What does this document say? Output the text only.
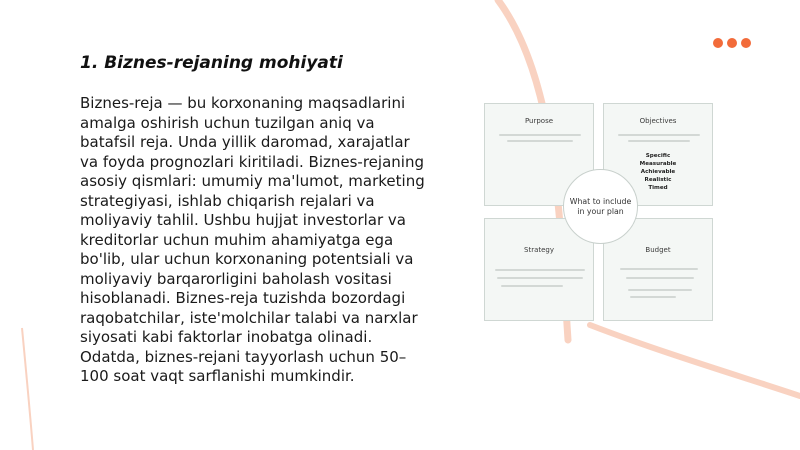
1. Biznes-rejaning mohiyati

Biznes-reja — bu korxonaning maqsadlarini amalga oshirish uchun tuzilgan aniq va batafsil reja. Unda yillik daromad, xarajatlar va foyda prognozlari kiritiladi. Biznes-rejaning asosiy qismlari: umumiy ma'lumot, marketing strategiyasi, ishlab chiqarish rejalari va moliyaviy tahlil. Ushbu hujjat investorlar va kreditorlar uchun muhim ahamiyatga ega bo'lib, ular uchun korxonaning potentsiali va moliyaviy barqarorligini baholash vositasi hisoblanadi. Biznes-reja tuzishda bozordagi raqobatchilar, iste'molchilar talabi va narxlar siyosati kabi faktorlar inobatga olinadi. Odatda, biznes-rejani tayyorlash uchun 50–100 soat vaqt sarflanishi mumkindir.

Purpose	Objectives
Specific
Measurable
Achievable
Realistic
Timed
Strategy	Budget
What to include
in your plan
